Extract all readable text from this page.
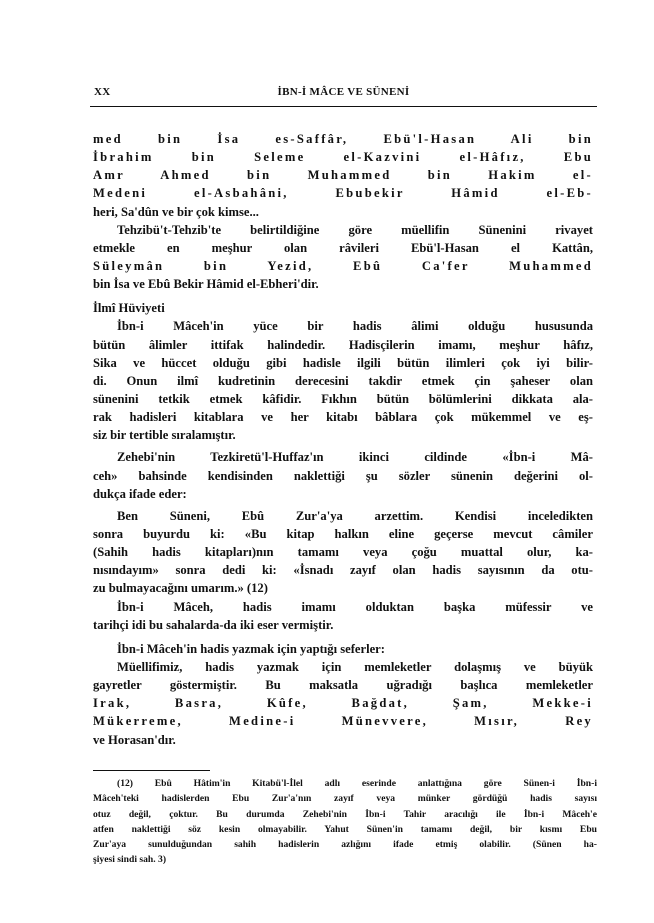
XX	İBN-İ MÂCE VE SÜNENİ
med bin İsa es-Saffâr, Ebü'l-Hasan Ali bin
İbrahim bin Seleme el-Kazvini el-Hâfız, Ebu
Amr Ahmed bin Muhammed bin Hakim el-
Medeni el-Asbahâni, Ebubekir Hâmid el-Eb-
heri, Sa'dûn ve bir çok kimse...
Tehzibü't-Tehzib'te belirtildiğine göre müellifin Sünenini rivayet
etmekle en meşhur olan râvileri Ebü'l-Hasan el Kattân,
Süleymân bin Yezid, Ebû Ca'fer Muhammed
bin İsa ve Ebû Bekir Hâmid el-Ebheri'dir.
İlmî Hüviyeti
İbn-i Mâceh'in yüce bir hadis âlimi olduğu hususunda
bütün âlimler ittifak halindedir. Hadisçilerin imamı, meşhur hâfız,
Sika ve hüccet olduğu gibi hadisle ilgili bütün ilimleri çok iyi bilir-
di. Onun ilmî kudretinin derecesini takdir etmek çin şaheser olan
sünenini tetkik etmek kâfidir. Fıkhın bütün bölümlerini dikkata ala-
rak hadisleri kitablara ve her kitabı bâblara çok mükemmel ve eş-
siz bir tertible sıralamıştır.
Zehebi'nin Tezkiretü'l-Huffaz'ın ikinci cildinde «İbn-i Mâ-
ceh» bahsinde kendisinden naklettiği şu sözler sünenin değerini ol-
dukça ifade eder:
Ben Süneni, Ebû Zur'a'ya arzettim. Kendisi inceledikten
sonra buyurdu ki: «Bu kitap halkın eline geçerse mevcut câmiler
(Sahih hadis kitapları)nın tamamı veya çoğu muattal olur, ka-
nısındayım» sonra dedi ki: «İsnadı zayıf olan hadis sayısının da otu-
zu bulmayacağını umarım.» (12)
İbn-i Mâceh, hadis imamı olduktan başka müfessir ve
tarihçi idi bu sahalarda-da iki eser vermiştir.
İbn-i Mâceh'in hadis yazmak için yaptığı seferler:
Müellifimiz, hadis yazmak için memleketler dolaşmış ve büyük
gayretler göstermiştir. Bu maksatla uğradığı başlıca memleketler
Irak, Basra, Kûfe, Bağdat, Şam, Mekke-i
Mükerreme, Medine-i Münevvere, Mısır, Rey
ve Horasan'dır.
(12) Ebû Hâtim'in Kitabü'l-İlel adlı eserinde anlattığına göre Sünen-i İbn-i
Mâceh'teki hadislerden Ebu Zur'a'nın zayıf veya münker gördüğü hadis sayısı
otuz değil, çoktur. Bu durumda Zehebi'nin İbn-i Tahir aracılığı ile İbn-i Mâceh'e
atfen naklettiği söz kesin olmayabilir. Yahut Sünen'in tamamı değil, bir kısmı Ebu
Zur'aya sunulduğundan sahih hadislerin azlığını ifade etmiş olabilir. (Sünen ha-
şiyesi sindi sah. 3)
